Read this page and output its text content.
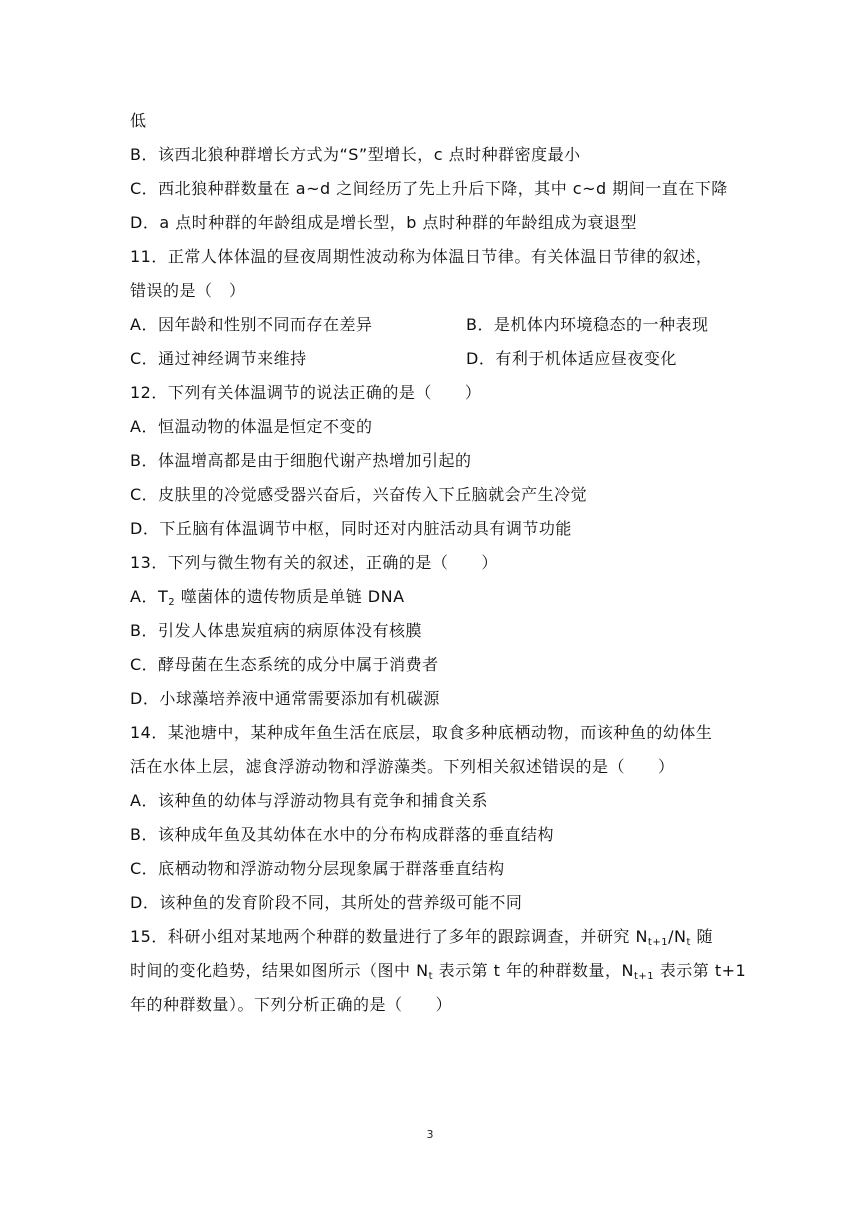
低
B．该西北狼种群增长方式为“S”型增长，c 点时种群密度最小
C．西北狼种群数量在 a~d 之间经历了先上升后下降，其中 c~d 期间一直在下降
D．a 点时种群的年龄组成是增长型，b 点时种群的年龄组成为衰退型
11．正常人体体温的昼夜周期性波动称为体温日节律。有关体温日节律的叙述，
错误的是（　）
A．因年龄和性别不同而存在差异	B．是机体内环境稳态的一种表现
C．通过神经调节来维持	D．有利于机体适应昼夜变化
12．下列有关体温调节的说法正确的是（　　）
A．恒温动物的体温是恒定不变的
B．体温增高都是由于细胞代谢产热增加引起的
C．皮肤里的冷觉感受器兴奋后，兴奋传入下丘脑就会产生冷觉
D．下丘脑有体温调节中枢，同时还对内脏活动具有调节功能
13．下列与微生物有关的叙述，正确的是（　　）
A．$T_2$ 噬菌体的遗传物质是单链 DNA
B．引发人体患炭疽病的病原体没有核膜
C．酵母菌在生态系统的成分中属于消费者
D．小球藻培养液中通常需要添加有机碳源
14．某池塘中，某种成年鱼生活在底层，取食多种底栖动物，而该种鱼的幼体生
活在水体上层，滤食浮游动物和浮游藻类。下列相关叙述错误的是（　　）
A．该种鱼的幼体与浮游动物具有竞争和捕食关系
B．该种成年鱼及其幼体在水中的分布构成群落的垂直结构
C．底栖动物和浮游动物分层现象属于群落垂直结构
D．该种鱼的发育阶段不同，其所处的营养级可能不同
15．科研小组对某地两个种群的数量进行了多年的跟踪调查，并研究 $N_{t+1}/N_t$ 随
时间的变化趋势，结果如图所示（图中 $N_t$ 表示第 t 年的种群数量，$N_{t+1}$ 表示第 t+1
年的种群数量）。下列分析正确的是（　　）
3
